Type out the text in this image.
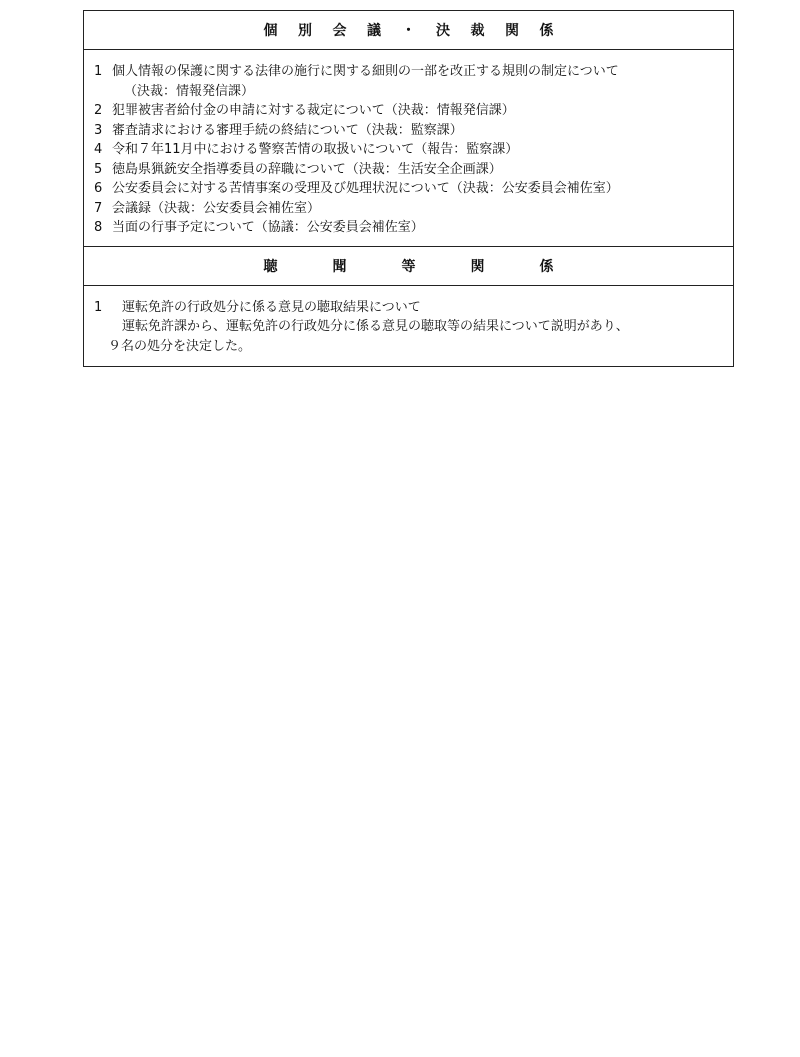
個 別 会 議 ・ 決 裁 関 係
1 個人情報の保護に関する法律の施行に関する細則の一部を改正する規則の制定について
（決裁：情報発信課）
2 犯罪被害者給付金の申請に対する裁定について（決裁：情報発信課）
3 審査請求における審理手続の終結について（決裁：監察課）
4 令和７年11月中における警察苦情の取扱いについて（報告：監察課）
5 徳島県猟銃安全指導委員の辞職について（決裁：生活安全企画課）
6 公安委員会に対する苦情事案の受理及び処理状況について（決裁：公安委員会補佐室）
7 会議録（決裁：公安委員会補佐室）
8 当面の行事予定について（協議：公安委員会補佐室）
聴	聞	等	関	係
1	運転免許の行政処分に係る意見の聴取結果について
運転免許課から、運転免許の行政処分に係る意見の聴取等の結果について説明があり、
９名の処分を決定した。
